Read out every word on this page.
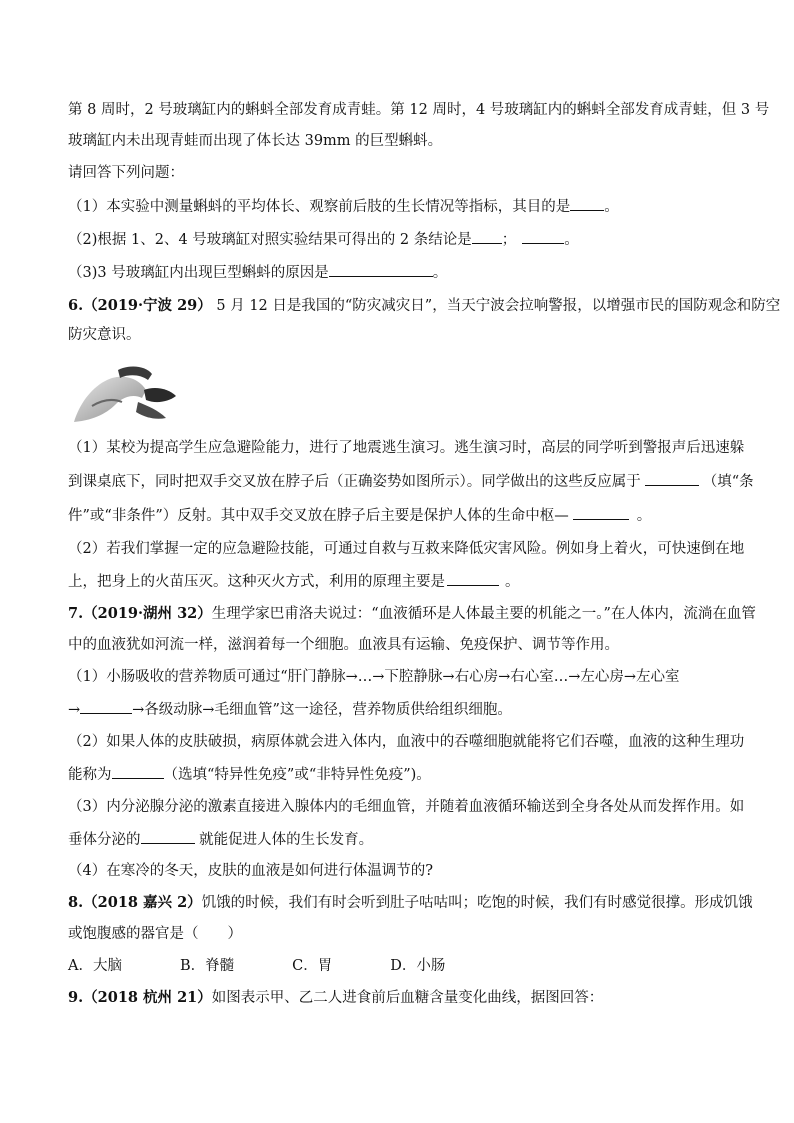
第 8 周时，2 号玻璃缸内的蝌蚪全部发育成青蛙。第 12 周时，4 号玻璃缸内的蝌蚪全部发育成青蛙，但 3 号
玻璃缸内未出现青蛙而出现了体长达 39mm 的巨型蝌蚪。
请回答下列问题：
（1）本实验中测量蝌蚪的平均体长、观察前后肢的生长情况等指标，其目的是 。
（2)根据 1、2、4 号玻璃缸对照实验结果可得出的 2 条结论是 ；	。
（3)3 号玻璃缸内出现巨型蝌蚪的原因是	。
6.（2019·宁波 29） 5 月 12 日是我国的“防灾减灾日”，当天宁波会拉响警报，以增强市民的国防观念和防空
防灾意识。
（1）某校为提高学生应急避险能力，进行了地震逃生演习。逃生演习时，高层的同学听到警报声后迅速躲
到课桌底下，同时把双手交叉放在脖子后（正确姿势如图所示）。同学做出的这些反应属于	（填“条
件”或“非条件”）反射。其中双手交叉放在脖子后主要是保护人体的生命中枢—	。
（2）若我们掌握一定的应急避险技能，可通过自救与互救来降低灾害风险。例如身上着火，可快速倒在地
上，把身上的火苗压灭。这种灭火方式，利用的原理主要是	。
7.（2019·湖州 32）生理学家巴甫洛夫说过：“血液循环是人体最主要的机能之一。”在人体内，流淌在血管
中的血液犹如河流一样，滋润着每一个细胞。血液具有运输、免疫保护、调节等作用。
（1）小肠吸收的营养物质可通过“肝门静脉→…→下腔静脉→右心房→右心室…→左心房→左心室
→	→各级动脉→毛细血管”这一途径，营养物质供给组织细胞。
（2）如果人体的皮肤破损，病原体就会进入体内，血液中的吞噬细胞就能将它们吞噬，血液的这种生理功
能称为	（选填“特异性免疫”或“非特异性免疫”)。
（3）内分泌腺分泌的激素直接进入腺体内的毛细血管，并随着血液循环输送到全身各处从而发挥作用。如
垂体分泌的	就能促进人体的生长发育。
（4）在寒冷的冬天，皮肤的血液是如何进行体温调节的?
8.（2018 嘉兴 2）饥饿的时候，我们有时会听到肚子咕咕叫；吃饱的时候，我们有时感觉很撑。形成饥饿
或饱腹感的器官是（　　）
A．大脑　　　　B．脊髓　　　　C．胃　　　　D．小肠
9.（2018 杭州 21）如图表示甲、乙二人进食前后血糖含量变化曲线，据图回答：
